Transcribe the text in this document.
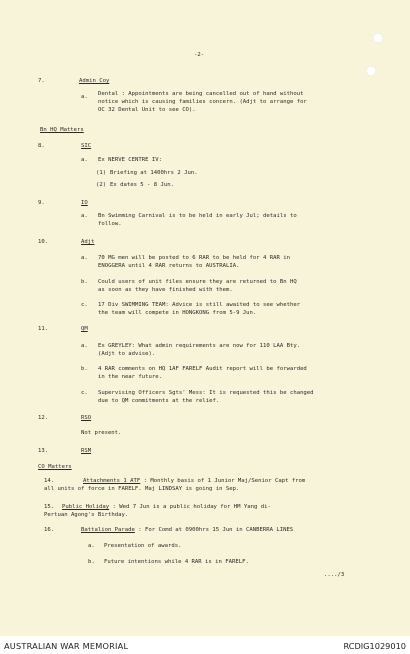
-2-
7.	Admin Coy
a. Dental : Appointments are being cancelled out of hand without
notice which is causing families concern. (Adjt to arrange for
OC 32 Dental Unit to see CO).
Bn HQ Matters
8.	SIC
a. Ex NERVE CENTRE IV:
(1) Briefing at 1400hrs 2 Jun.
(2) Ex dates 5 - 8 Jun.
9.	IO
a. Bn Swimming Carnival is to be held in early Jul; details to
follow.
10.	Adjt
a. 70 MG men will be posted to 6 RAR to be held for 4 RAR in
ENOGGERA until 4 RAR returns to AUSTRALIA.
b. Could users of unit files ensure they are returned to Bn HQ
as soon as they have finished with them.
c. 17 Div SWIMMING TEAM: Advice is still awaited to see whether
the team will compete in HONGKONG from 5-9 Jun.
11.	QM
a. Ex GREYLEY: What admin requirements are now for 110 LAA Bty.
(Adjt to advise).
b. 4 RAR comments on HQ 1AF FARELF Audit report will be forwarded
in the near future.
c. Supervising Officers Sgts' Mess: It is requested this be changed
due to QM commitments at the relief.
12.	RSO
Not present.
13.	RSM
CO Matters
14.	Attachments 1 ATF : Monthly basis of 1 Junior Maj/Senior Capt from
all units of force in FARELF. Maj LINDSAY is going in Sep.
15. Public Holiday : Wed 7 Jun is a public holiday for HM Yang di-
Pertuan Agong's Birthday.
16.	Battalion Parade : For Comd at 0900hrs 15 Jun in CANBERRA LINES
a. Presentation of awards.
b. Future intentions while 4 RAR is in FARELF.
..../3
AUSTRALIAN WAR MEMORIAL	RCDIG1029010
